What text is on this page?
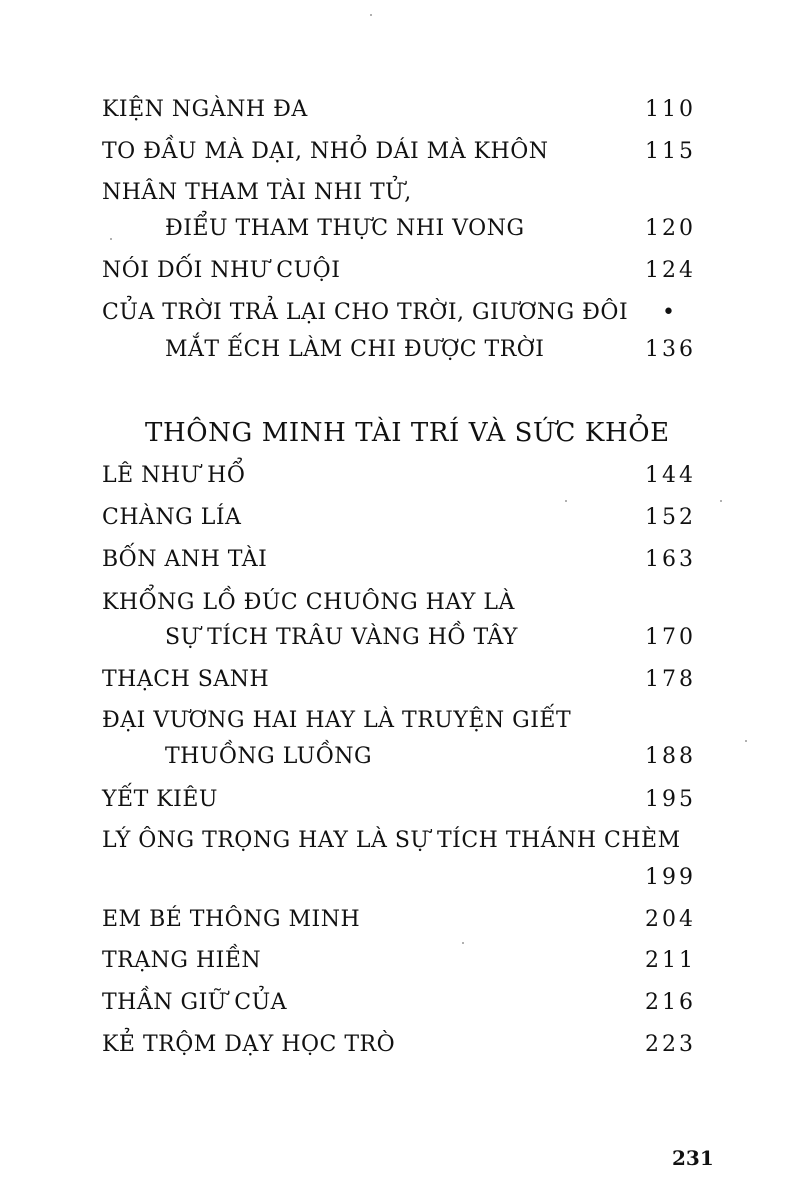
KIỆN NGÀNH ĐA	110
TO ĐẦU MÀ DẠI, NHỎ DÁI MÀ KHÔN	115
NHÂN THAM TÀI NHI TỬ,
ĐIỂU THAM THỰC NHI VONG	120
NÓI DỐI NHƯ CUỘI	124
CỦA TRỜI TRẢ LẠI CHO TRỜI, GIƯƠNG ĐÔI •
MẮT ẾCH LÀM CHI ĐƯỢC TRỜI	136
THÔNG MINH TÀI TRÍ VÀ SỨC KHỎE
LÊ NHƯ HỔ	144
CHÀNG LÍA	152
BỐN ANH TÀI	163
KHỔNG LỒ ĐÚC CHUÔNG HAY LÀ
SỰ TÍCH TRÂU VÀNG HỒ TÂY	170
THẠCH SANH	178
ĐẠI VƯƠNG HAI HAY LÀ TRUYỆN GIẾT
THUỒNG LUỒNG	188
YẾT KIÊU	195
LÝ ÔNG TRỌNG HAY LÀ SỰ TÍCH THÁNH CHÈM
199
EM BÉ THÔNG MINH	204
TRẠNG HIỀN	211
THẦN GIỮ CỦA	216
KẺ TRỘM DẠY HỌC TRÒ	223
231
